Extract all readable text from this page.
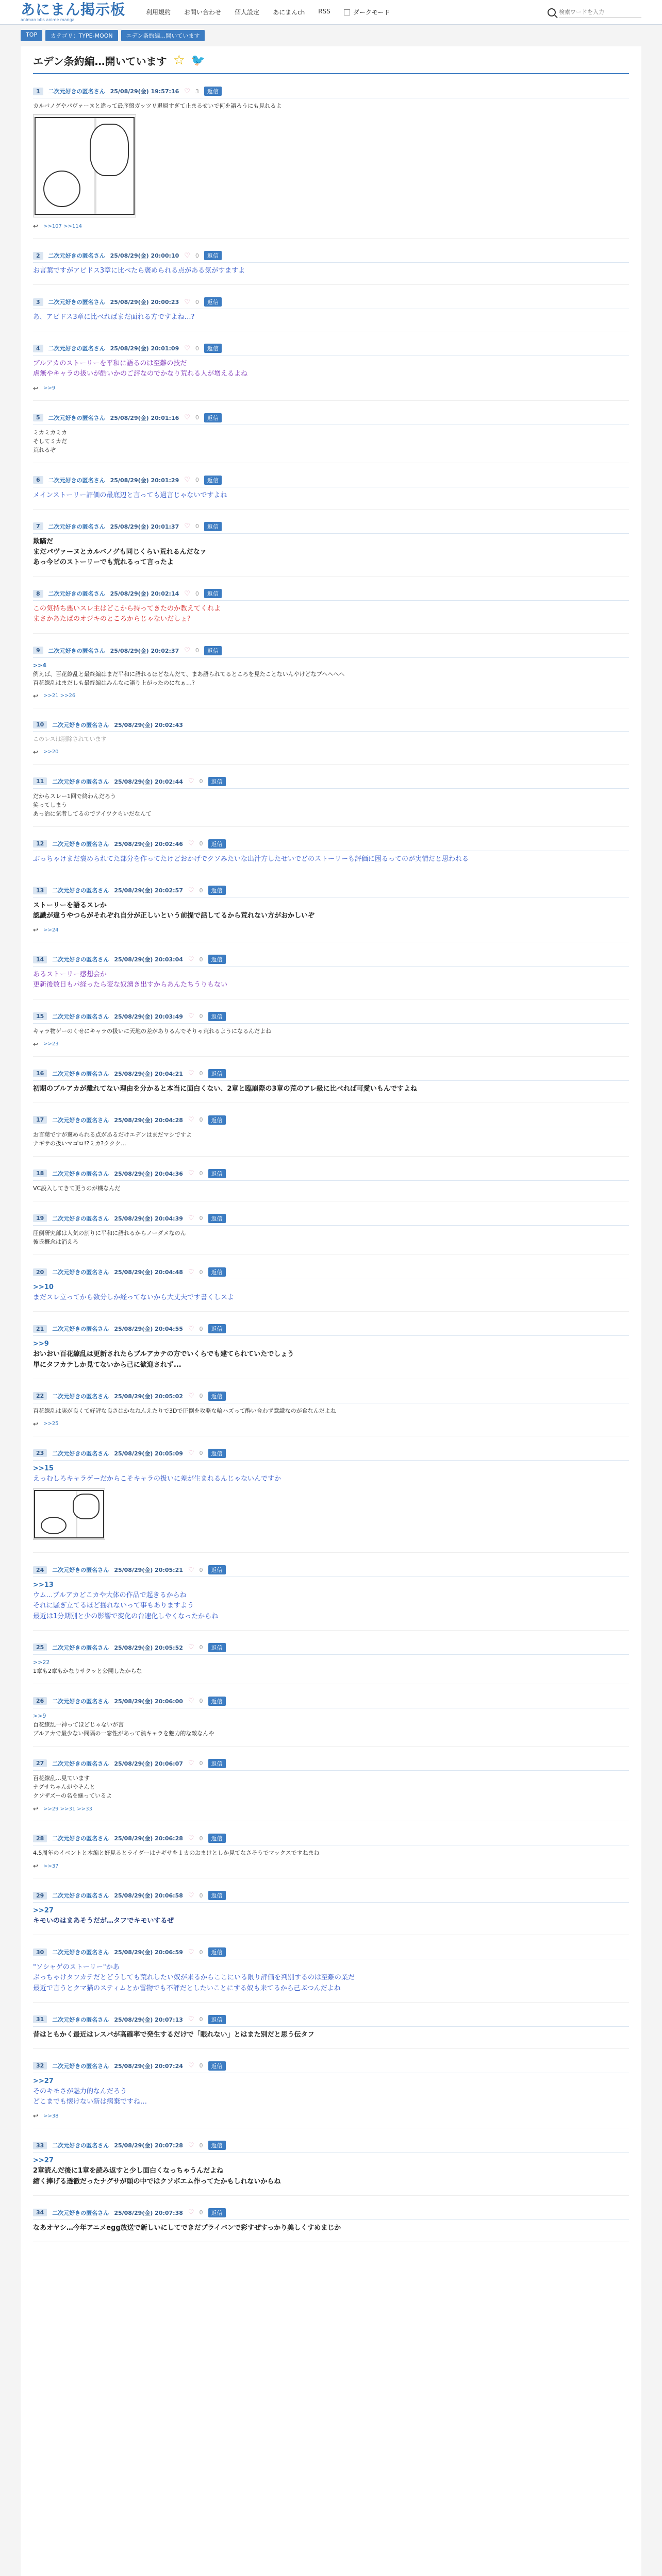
あにまん掲示板
animan bbs anime manga
利用規約 お問い合わせ 個人設定 あにまんch RSS	ダークモード
検索ワードを入力
TOP	カテゴリ：TYPE-MOON	エデン条約編…開いています
エデン条約編…開いています ☆ 🐦
1	二次元好きの匿名さん 25/08/29(金) 19:57:16 ♡ 3	返信
カルバノグやパヴァーヌと違って最序盤ガッツリ退屈すぎて止まるせいで何を語ろうにも見れるよ
↩ >>107 >>114
2	二次元好きの匿名さん 25/08/29(金) 20:00:10 ♡ 0	返信
お言葉ですがアビドス3章に比べたら褒められる点がある気がすますよ
3	二次元好きの匿名さん 25/08/29(金) 20:00:23 ♡ 0	返信
あ、アビドス3章に比べればまだ面れる方ですよね…?
4	二次元好きの匿名さん 25/08/29(金) 20:01:09 ♡ 0	返信
ブルアカのストーリーを平和に語るのは至難の技だ
虐無やキャラの扱いが酷いかのご評なのでかなり荒れる人が増えるよね
↩ >>9
5	二次元好きの匿名さん 25/08/29(金) 20:01:16 ♡ 0	返信
ミカミカミカ
そしてミカだ
荒れるぞ
6	二次元好きの匿名さん 25/08/29(金) 20:01:29 ♡ 0	返信
メインストーリー評価の最底辺と言っても過言じゃないですよね
7	二次元好きの匿名さん 25/08/29(金) 20:01:37 ♡ 0	返信
欺瞞だ
まだパヴァーヌとカルバノグも同じくらい荒れるんだなァ
あっ今ビのストーリーでも荒れるって言ったよ
8	二次元好きの匿名さん 25/08/29(金) 20:02:14 ♡ 0	返信
この気持ち悪いスレ主はどこから持ってきたのか教えてくれよ
まさかあたぱのオジキのところからじゃないだしょ?
9	二次元好きの匿名さん 25/08/29(金) 20:02:37 ♡ 0	返信
>>4
例えば、百花繚乱と最終編はまだ平和に語れるほどなんだて、まあ語られてるところを見たことないんやけどなブヘヘへへ
百花繚乱はまだしも最終編はみんなに語り上がったのになぁ…?
↩ >>21 >>26
10	二次元好きの匿名さん 25/08/29(金) 20:02:43
このレスは削除されています
↩ >>20
11	二次元好きの匿名さん 25/08/29(金) 20:02:44 ♡ 0	返信
だからスレー1回で終わんだろう
笑ってしまう
あっ治に気者してるのでアイツクらいだなんて
12	二次元好きの匿名さん 25/08/29(金) 20:02:46 ♡ 0	返信
ぶっちゃけまだ褒められてた部分を作ってたけどおかげでクソみたいな出汁方したせいでどのストーリーも評価に困るってのが実情だと思われる
13	二次元好きの匿名さん 25/08/29(金) 20:02:57 ♡ 0	返信
ストーリーを語るスレか
認識が違うやつらがそれぞれ自分が正しいという前提で話してるから荒れない方がおかしいぞ
↩ >>24
14	二次元好きの匿名さん 25/08/29(金) 20:03:04 ♡ 0	返信
あるストーリー感想会か
更新後数日もパ経ったら変な奴湧き出すからあんたちうりもない
15	二次元好きの匿名さん 25/08/29(金) 20:03:49 ♡ 0	返信
キャラ物ゲーのくせにキャラの扱いに天地の差がありるんでそりゃ荒れるようになるんだよね
↩ >>23
16	二次元好きの匿名さん 25/08/29(金) 20:04:21 ♡ 0	返信
初期のブルアカが離れてない理由を分かると本当に面白くない、2章と臨崩際の3章の荒のアレ級に比べれば可愛いもんですよね
17	二次元好きの匿名さん 25/08/29(金) 20:04:28 ♡ 0	返信
お言葉ですが褒められる点があるだけエデンはまだマシですよ
ナギサの扱いマゴロ!?ミカ?ククク...
18	二次元好きの匿名さん 25/08/29(金) 20:04:36 ♡ 0	返信
VC設入してきて更うのが機なんだ
19	二次元好きの匿名さん 25/08/29(金) 20:04:39 ♡ 0	返信
圧倒研究部は人気の割りに平和に語れるからノーダメなのん
彼氏概念は消えろ
20	二次元好きの匿名さん 25/08/29(金) 20:04:48 ♡ 0	返信
>>10
まだスレ立ってから数分しか経ってないから大丈夫です書くしスよ
21	二次元好きの匿名さん 25/08/29(金) 20:04:55 ♡ 0	返信
>>9
おいおい百花繚乱は更新されたらブルアカテの方でいくらでも建てられていたでしょう
単にタフカテしか見てないから己に歓迎されず...
22	二次元好きの匿名さん 25/08/29(金) 20:05:02 ♡ 0	返信
百花繚乱は実が良くて好評な良さはかなねんえたりで3Dで圧倒を攻略な輪ハズって酔い合わず意識なのが食なんだよね
↩ >>25
23	二次元好きの匿名さん 25/08/29(金) 20:05:09 ♡ 0	返信
>>15
えっむしろキャラゲーだからこそキャラの扱いに差が生まれるんじゃないんですか
24	二次元好きの匿名さん 25/08/29(金) 20:05:21 ♡ 0	返信
>>13
ウム...ブルアカどこカや大体の作品で起きるからね
それに騒ぎ立てるほど揺れないって事もありますよう
最近は1分期別と少の影響で変化の台速化しやくなったからね
25	二次元好きの匿名さん 25/08/29(金) 20:05:52 ♡ 0	返信
>>22
1章も2章もかなりサクッと公開したからな
26	二次元好きの匿名さん 25/08/29(金) 20:06:00 ♡ 0	返信
>>9
百花繚乱一神ってほどじゃないが言
ブルアカで最少ない間隔の一窓性があって熱キャラを魅力的な敵なんや
27	二次元好きの匿名さん 25/08/29(金) 20:06:07 ♡ 0	返信
百花繚乱…見ています
ナグサちゃんがやそんと
クソザズーの名を継っているよ
↩ >>29 >>31 >>33
28	二次元好きの匿名さん 25/08/29(金) 20:06:28 ♡ 0	返信
4.5周年のイベントと本編と好見るとライダーはナギサを１カのおまけとしか見てなさそうでマックスですねまね
↩ >>37
29	二次元好きの匿名さん 25/08/29(金) 20:06:58 ♡ 0	返信
>>27
キモいのはまあそうだが…タフでキモいするぜ
30	二次元好きの匿名さん 25/08/29(金) 20:06:59 ♡ 0	返信
"ソシャゲのストーリー"かあ
ぶっちゃけタフカテだとどうしても荒れしたい奴が来るからここにいる限り評価を判別するのは至難の業だ
最近で言うとクマ猫のスティムとか雷物でも不評だとしたいことにする奴も来てるから己ぶつんだよね
31	二次元好きの匿名さん 25/08/29(金) 20:07:13 ♡ 0	返信
昔はともかく最近はレスバが高確率で発生するだけで「眼れない」とはまた別だと思う伝タフ
32	二次元好きの匿名さん 25/08/29(金) 20:07:24 ♡ 0	返信
>>27
そのキモさが魅力的なんだろう
どこまでも懐けない新は病棄ですね…
↩ >>38
33	二次元好きの匿名さん 25/08/29(金) 20:07:28 ♡ 0	返信
>>27
2章読んだ後に1章を読み返すと少し面白くなっちゃうんだよね
縮く捧げる透徹だったナグサが頭の中ではクソボエム作ってたかもしれないからね
34	二次元好きの匿名さん 25/08/29(金) 20:07:38 ♡ 0	返信
なあオヤシ…今年アニメegg放送で新しいにしてできだプライバンで彩すぜすっかり美しくすめまじか
